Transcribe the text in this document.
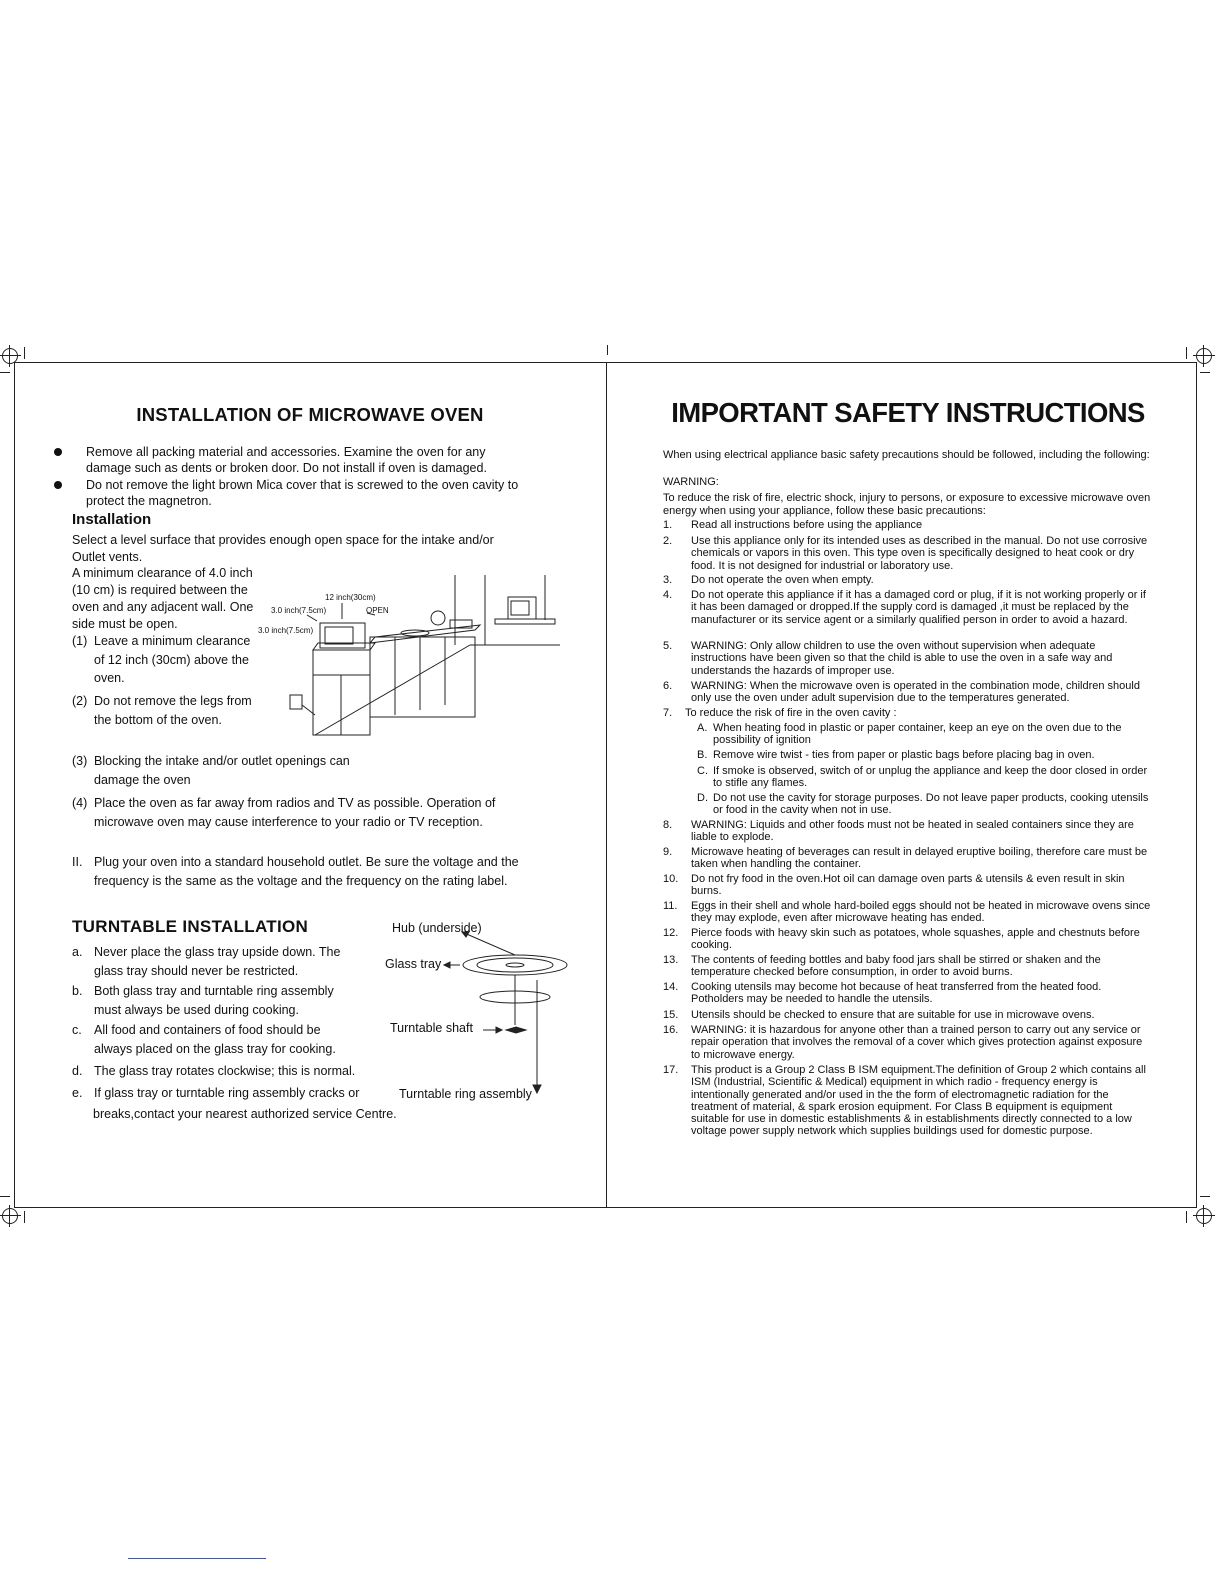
INSTALLATION OF MICROWAVE OVEN
Remove all packing material and accessories. Examine the oven for any damage such as dents or broken door. Do not install if oven is damaged.
Do not remove the light brown Mica cover that is screwed to the oven cavity to protect the magnetron.
Installation
Select a level surface that provides enough open space for the intake and/or Outlet vents.
A minimum clearance of 4.0 inch (10 cm) is required between the oven and any adjacent wall. One side must be open.
(1) Leave a minimum clearance of 12 inch (30cm) above the oven.
(2) Do not remove the legs from the bottom of the oven.
(3) Blocking the intake and/or outlet openings can damage the oven
(4) Place the oven as far away from radios and TV as possible. Operation of microwave oven may cause interference to your radio or TV reception.
II. Plug your oven into a standard household outlet. Be sure the voltage and the frequency is the same as the voltage and the frequency on the rating label.
12 inch(30cm)
3.0 inch(7.5cm)	OPEN
3.0 inch(7.5cm)
TURNTABLE INSTALLATION
a. Never place the glass tray upside down. The glass tray should never be restricted.
b. Both glass tray and turntable ring assembly must always be used during cooking.
c. All food and containers of food should be always placed on the glass tray for cooking.
d. The glass tray rotates clockwise; this is normal.
e. If glass tray or turntable ring assembly cracks or
breaks,contact your nearest authorized service Centre.
Hub (underside)
Glass tray
Turntable shaft
Turntable ring assembly
IMPORTANT SAFETY INSTRUCTIONS
When using electrical appliance basic safety precautions should be followed, including the following:
WARNING:
To reduce the risk of fire, electric shock, injury to persons, or exposure to excessive microwave oven energy when using your appliance, follow these basic precautions:
1. Read all instructions before using the appliance
2. Use this appliance only for its intended uses as described in the manual. Do not use corrosive chemicals or vapors in this oven. This type oven is specifically designed to heat cook or dry food. It is not designed for industrial or laboratory use.
3. Do not operate the oven when empty.
4. Do not operate this appliance if it has a damaged cord or plug, if it is not working properly or if it has been damaged or dropped.If the supply cord is damaged ,it must be replaced by the manufacturer or its service agent or a similarly qualified person in order to avoid a hazard.
5. WARNING: Only allow children to use the oven without supervision when adequate instructions have been given so that the child is able to use the oven in a safe way and understands the hazards of improper use.
6. WARNING: When the microwave oven is operated in the combination mode, children should only use the oven under adult supervision due to the temperatures generated.
7. To reduce the risk of fire in the oven cavity :
A. When heating food in plastic or paper container, keep an eye on the oven due to the possibility of ignition
B. Remove wire twist - ties from paper or plastic bags before placing bag in oven.
C. If smoke is observed, switch of or unplug the appliance and keep the door closed in order to stifle any flames.
D. Do not use the cavity for storage purposes. Do not leave paper products, cooking utensils or food in the cavity when not in use.
8. WARNING: Liquids and other foods must not be heated in sealed containers since they are liable to explode.
9. Microwave heating of beverages can result in delayed eruptive boiling, therefore care must be taken when handling the container.
10. Do not fry food in the oven.Hot oil can damage oven parts & utensils & even result in skin burns.
11. Eggs in their shell and whole hard-boiled eggs should not be heated in microwave ovens since they may explode, even after microwave heating has ended.
12. Pierce foods with heavy skin such as potatoes, whole squashes, apple and chestnuts before cooking.
13. The contents of feeding bottles and baby food jars shall be stirred or shaken and the temperature checked before consumption, in order to avoid burns.
14. Cooking utensils may become hot because of heat transferred from the heated food. Potholders may be needed to handle the utensils.
15. Utensils should be checked to ensure that are suitable for use in microwave ovens.
16. WARNING: it is hazardous for anyone other than a trained person to carry out any service or repair operation that involves the removal of a cover which gives protection against exposure to microwave energy.
17. This product is a Group 2 Class B ISM equipment.The definition of Group 2 which contains all ISM (Industrial, Scientific & Medical) equipment in which radio - frequency energy is intentionally generated and/or used in the the form of electromagnetic radiation for the treatment of material, & spark erosion equipment. For Class B equipment is equipment suitable for use in domestic establishments & in establishments directly connected to a low voltage power supply network which supplies buildings used for domestic purpose.
